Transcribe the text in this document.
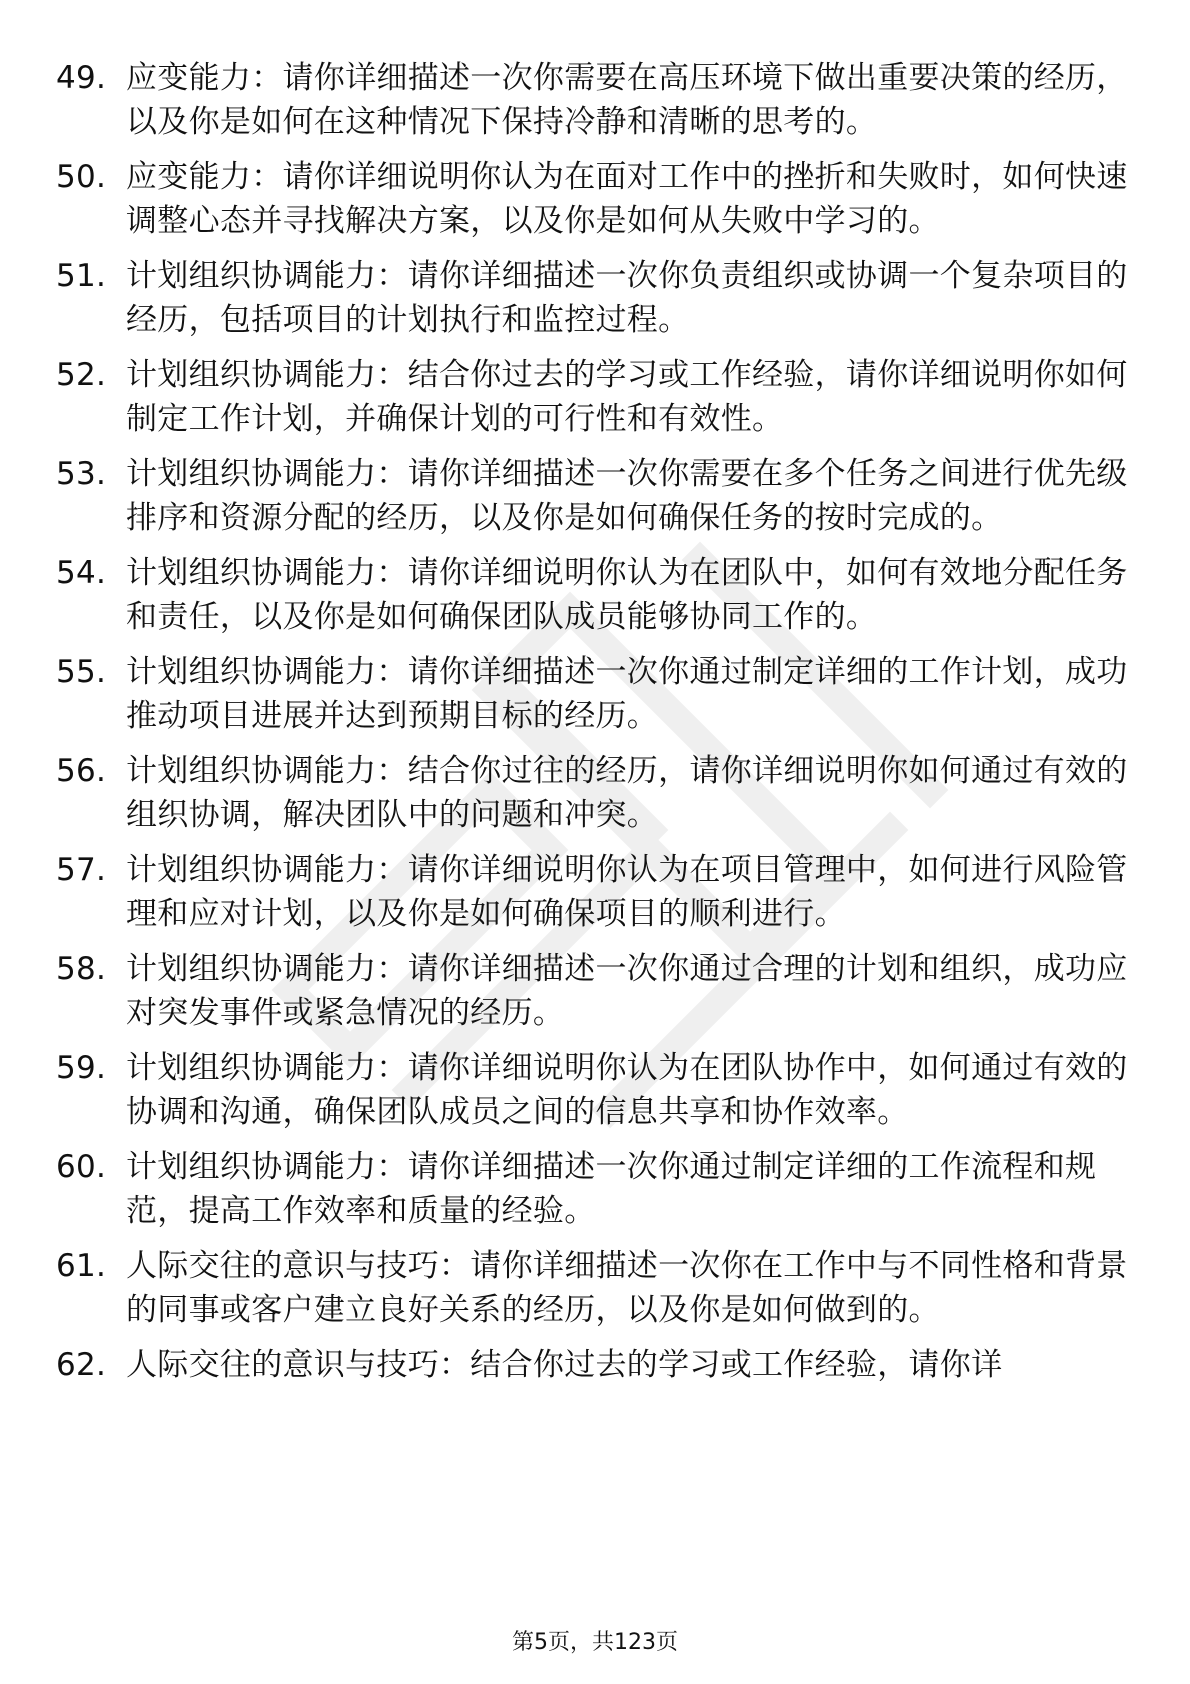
49. 应变能力：请你详细描述一次你需要在高压环境下做出重要决策的经历，以及你是如何在这种情况下保持冷静和清晰的思考的。
50. 应变能力：请你详细说明你认为在面对工作中的挫折和失败时，如何快速调整心态并寻找解决方案，以及你是如何从失败中学习的。
51. 计划组织协调能力：请你详细描述一次你负责组织或协调一个复杂项目的经历，包括项目的计划执行和监控过程。
52. 计划组织协调能力：结合你过去的学习或工作经验，请你详细说明你如何制定工作计划，并确保计划的可行性和有效性。
53. 计划组织协调能力：请你详细描述一次你需要在多个任务之间进行优先级排序和资源分配的经历，以及你是如何确保任务的按时完成的。
54. 计划组织协调能力：请你详细说明你认为在团队中，如何有效地分配任务和责任，以及你是如何确保团队成员能够协同工作的。
55. 计划组织协调能力：请你详细描述一次你通过制定详细的工作计划，成功推动项目进展并达到预期目标的经历。
56. 计划组织协调能力：结合你过往的经历，请你详细说明你如何通过有效的组织协调，解决团队中的问题和冲突。
57. 计划组织协调能力：请你详细说明你认为在项目管理中，如何进行风险管理和应对计划，以及你是如何确保项目的顺利进行。
58. 计划组织协调能力：请你详细描述一次你通过合理的计划和组织，成功应对突发事件或紧急情况的经历。
59. 计划组织协调能力：请你详细说明你认为在团队协作中，如何通过有效的协调和沟通，确保团队成员之间的信息共享和协作效率。
60. 计划组织协调能力：请你详细描述一次你通过制定详细的工作流程和规范，提高工作效率和质量的经验。
61. 人际交往的意识与技巧：请你详细描述一次你在工作中与不同性格和背景的同事或客户建立良好关系的经历，以及你是如何做到的。
62. 人际交往的意识与技巧：结合你过去的学习或工作经验，请你详
第5页，共123页
